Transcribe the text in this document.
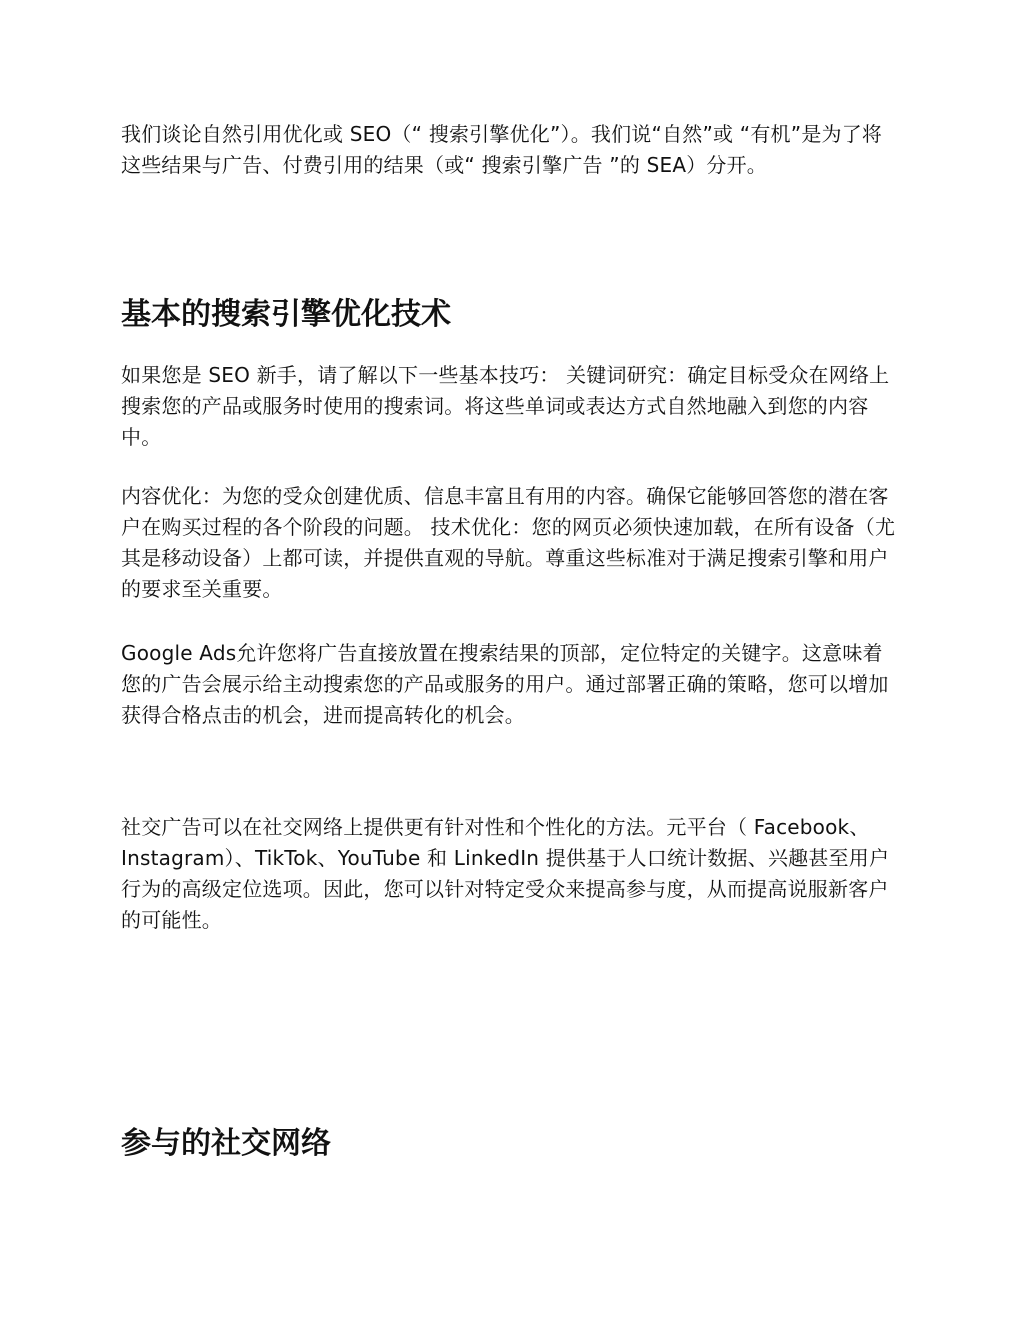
我们谈论自然引用优化或 SEO（“ 搜索引擎优化”）。我们说“自然”或 “有机”是为了将这些结果与广告、付费引用的结果（或“ 搜索引擎广告 ”的 SEA）分开。

基本的搜索引擎优化技术

如果您是 SEO 新手，请了解以下一些基本技巧： 关键词研究：确定目标受众在网络上搜索您的产品或服务时使用的搜索词。将这些单词或表达方式自然地融入到您的内容中。

内容优化：为您的受众创建优质、信息丰富且有用的内容。确保它能够回答您的潜在客户在购买过程的各个阶段的问题。 技术优化：您的网页必须快速加载，在所有设备（尤其是移动设备）上都可读，并提供直观的导航。尊重这些标准对于满足搜索引擎和用户的要求至关重要。

Google Ads允许您将广告直接放置在搜索结果的顶部，定位特定的关键字。这意味着您的广告会展示给主动搜索您的产品或服务的用户。通过部署正确的策略，您可以增加获得合格点击的机会，进而提高转化的机会。

社交广告可以在社交网络上提供更有针对性和个性化的方法。元平台（ Facebook、Instagram）、TikTok、YouTube 和 LinkedIn 提供基于人口统计数据、兴趣甚至用户行为的高级定位选项。因此，您可以针对特定受众来提高参与度，从而提高说服新客户的可能性。

参与的社交网络
